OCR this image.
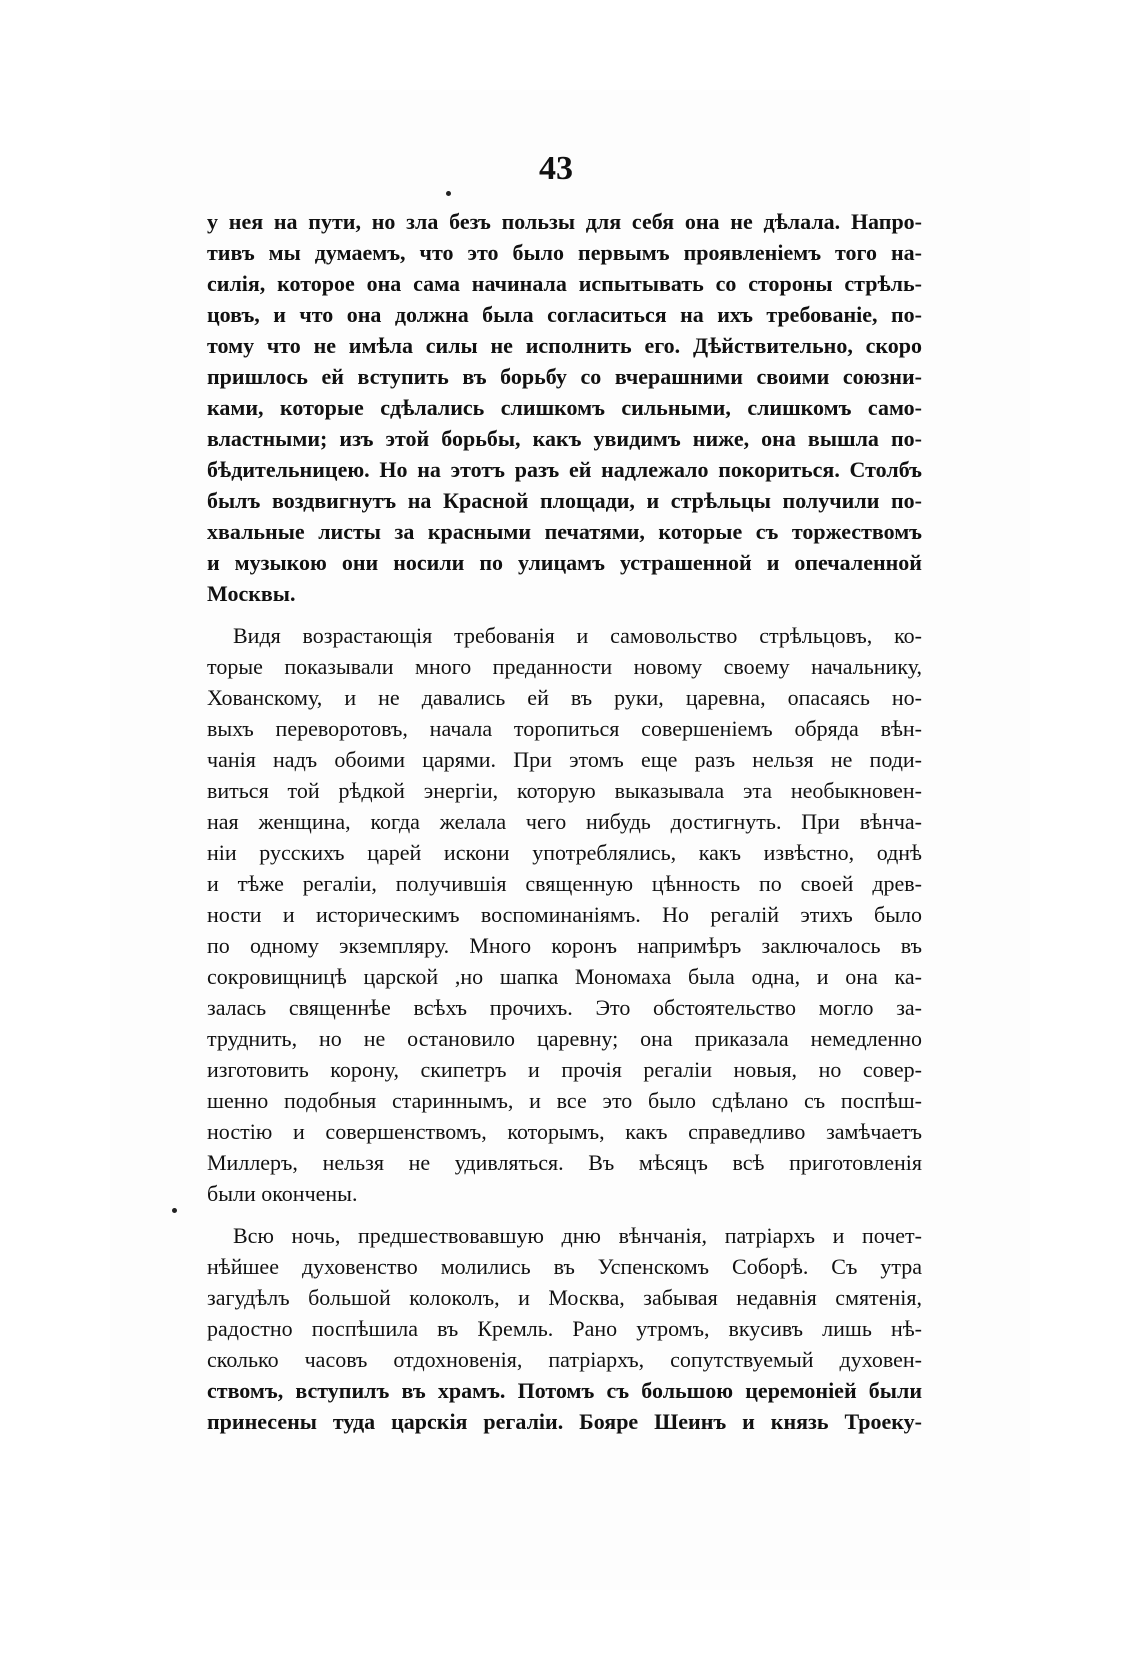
43
у нея на пути, но зла безъ пользы для себя она не дѣлала. Напро-
тивъ мы думаемъ, что это было первымъ проявленіемъ того на-
силія, которое она сама начинала испытывать со стороны стрѣль-
цовъ, и что она должна была согласиться на ихъ требованіе, по-
тому что не имѣла силы не исполнить его. Дѣйствительно, скоро
пришлось ей вступить въ борьбу со вчерашними своими союзни-
ками, которые сдѣлались слишкомъ сильными, слишкомъ само-
властными; изъ этой борьбы, какъ увидимъ ниже, она вышла по-
бѣдительницею. Но на этотъ разъ ей надлежало покориться. Столбъ
былъ воздвигнутъ на Красной площади, и стрѣльцы получили по-
хвальные листы за красными печатями, которые съ торжествомъ
и музыкою они носили по улицамъ устрашенной и опечаленной
Москвы.
Видя возрастающія требованія и самовольство стрѣльцовъ, ко-
торые показывали много преданности новому своему начальнику,
Хованскому, и не давались ей въ руки, царевна, опасаясь но-
выхъ переворотовъ, начала торопиться совершеніемъ обряда вѣн-
чанія надъ обоими царями. При этомъ еще разъ нельзя не поди-
виться той рѣдкой энергіи, которую выказывала эта необыкновен-
ная женщина, когда желала чего нибудь достигнуть. При вѣнча-
ніи русскихъ царей искони употреблялись, какъ извѣстно, однѣ
и тѣже регаліи, получившія священную цѣнность по своей древ-
ности и историческимъ воспоминаніямъ. Но регалій этихъ было
по одному экземпляру. Много коронъ напримѣръ заключалось въ
сокровищницѣ царской ,но шапка Мономаха была одна, и она ка-
залась священнѣе всѣхъ прочихъ. Это обстоятельство могло за-
труднить, но не остановило царевну; она приказала немедленно
изготовить корону, скипетръ и прочія регаліи новыя, но совер-
шенно подобныя стариннымъ, и все это было сдѣлано съ поспѣш-
ностію и совершенствомъ, которымъ, какъ справедливо замѣчаетъ
Миллеръ, нельзя не удивляться. Въ мѣсяцъ всѣ приготовленія
были окончены.
Всю ночь, предшествовавшую дню вѣнчанія, патріархъ и почет-
нѣйшее духовенство молились въ Успенскомъ Соборѣ. Съ утра
загудѣлъ большой колоколъ, и Москва, забывая недавнія смятенія,
радостно поспѣшила въ Кремль. Рано утромъ, вкусивъ лишь нѣ-
сколько часовъ отдохновенія, патріархъ, сопутствуемый духовен-
ствомъ, вступилъ въ храмъ. Потомъ съ большою церемоніей были
принесены туда царскія регаліи. Бояре Шеинъ и князь Троеку-
